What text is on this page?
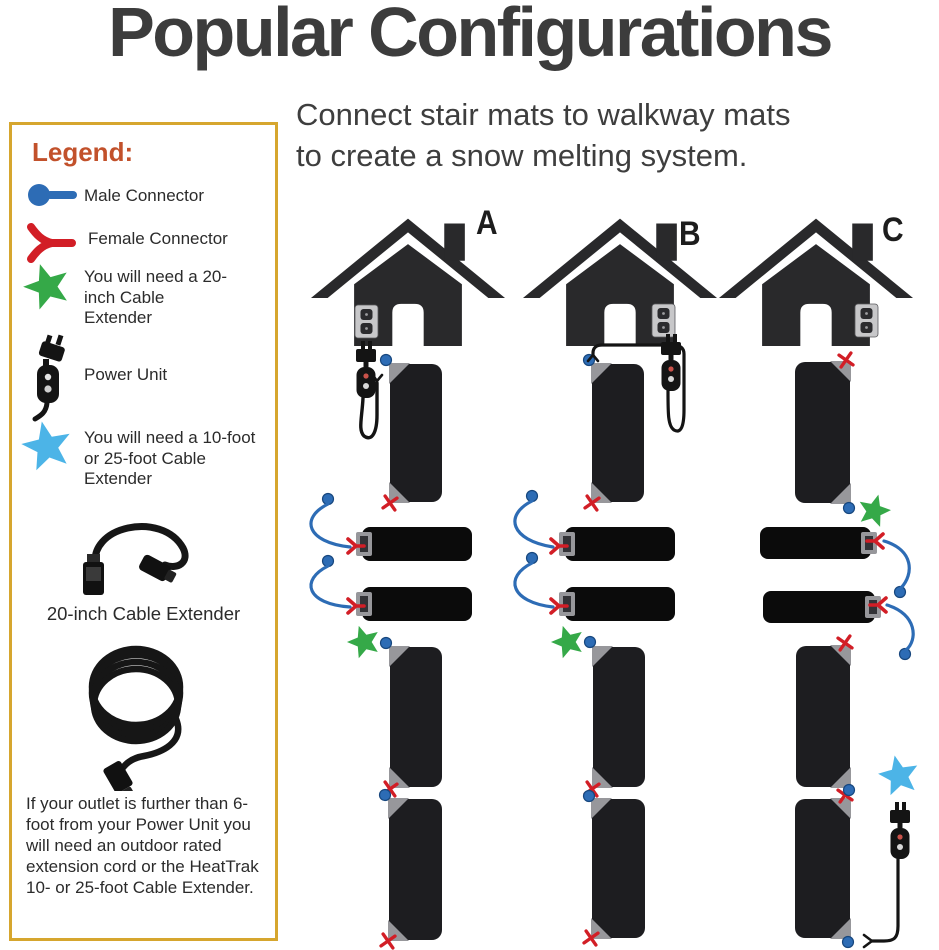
Popular Configurations
Connect stair mats to walkway mats
to create a snow melting system.
Legend:
Male Connector
Female Connector
You will need a 20-inch Cable Extender
Power Unit
You will need a 10-foot or 25-foot Cable Extender
20-inch Cable Extender
If your outlet is further than 6-foot from your Power Unit you will need an outdoor rated extension cord or the HeatTrak 10- or 25-foot Cable Extender.
A	B	C
